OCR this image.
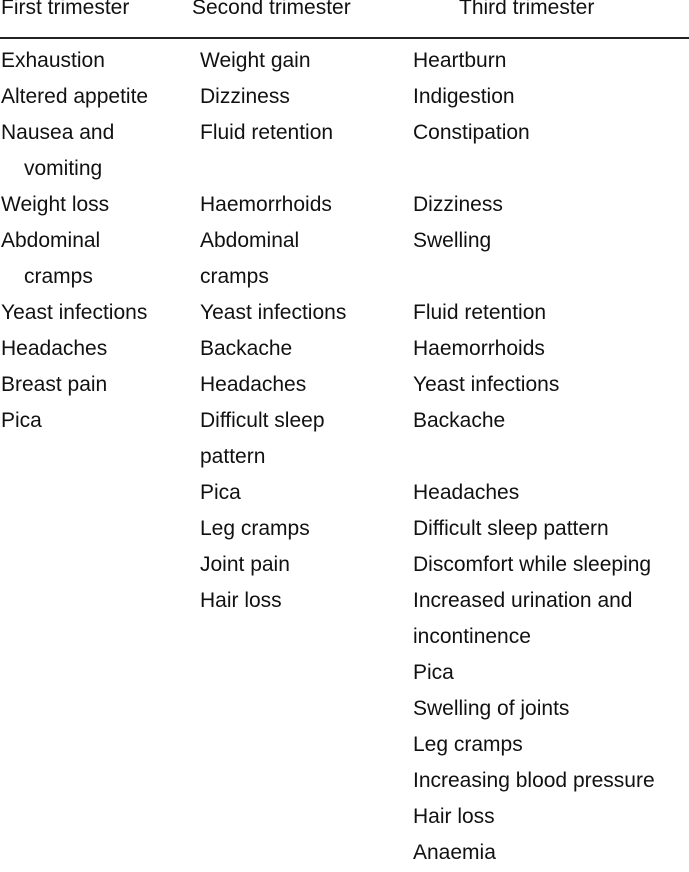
First trimester	Second trimester	Third trimester
Exhaustion
Altered appetite
Nausea and
vomiting
Weight loss
Abdominal
cramps
Yeast infections
Headaches
Breast pain
Pica
Weight gain
Dizziness
Fluid retention
Haemorrhoids
Abdominal
cramps
Yeast infections
Backache
Headaches
Difficult sleep
pattern
Pica
Leg cramps
Joint pain
Hair loss
Heartburn
Indigestion
Constipation
Dizziness
Swelling
Fluid retention
Haemorrhoids
Yeast infections
Backache
Headaches
Difficult sleep pattern
Discomfort while sleeping
Increased urination and
incontinence
Pica
Swelling of joints
Leg cramps
Increasing blood pressure
Hair loss
Anaemia
